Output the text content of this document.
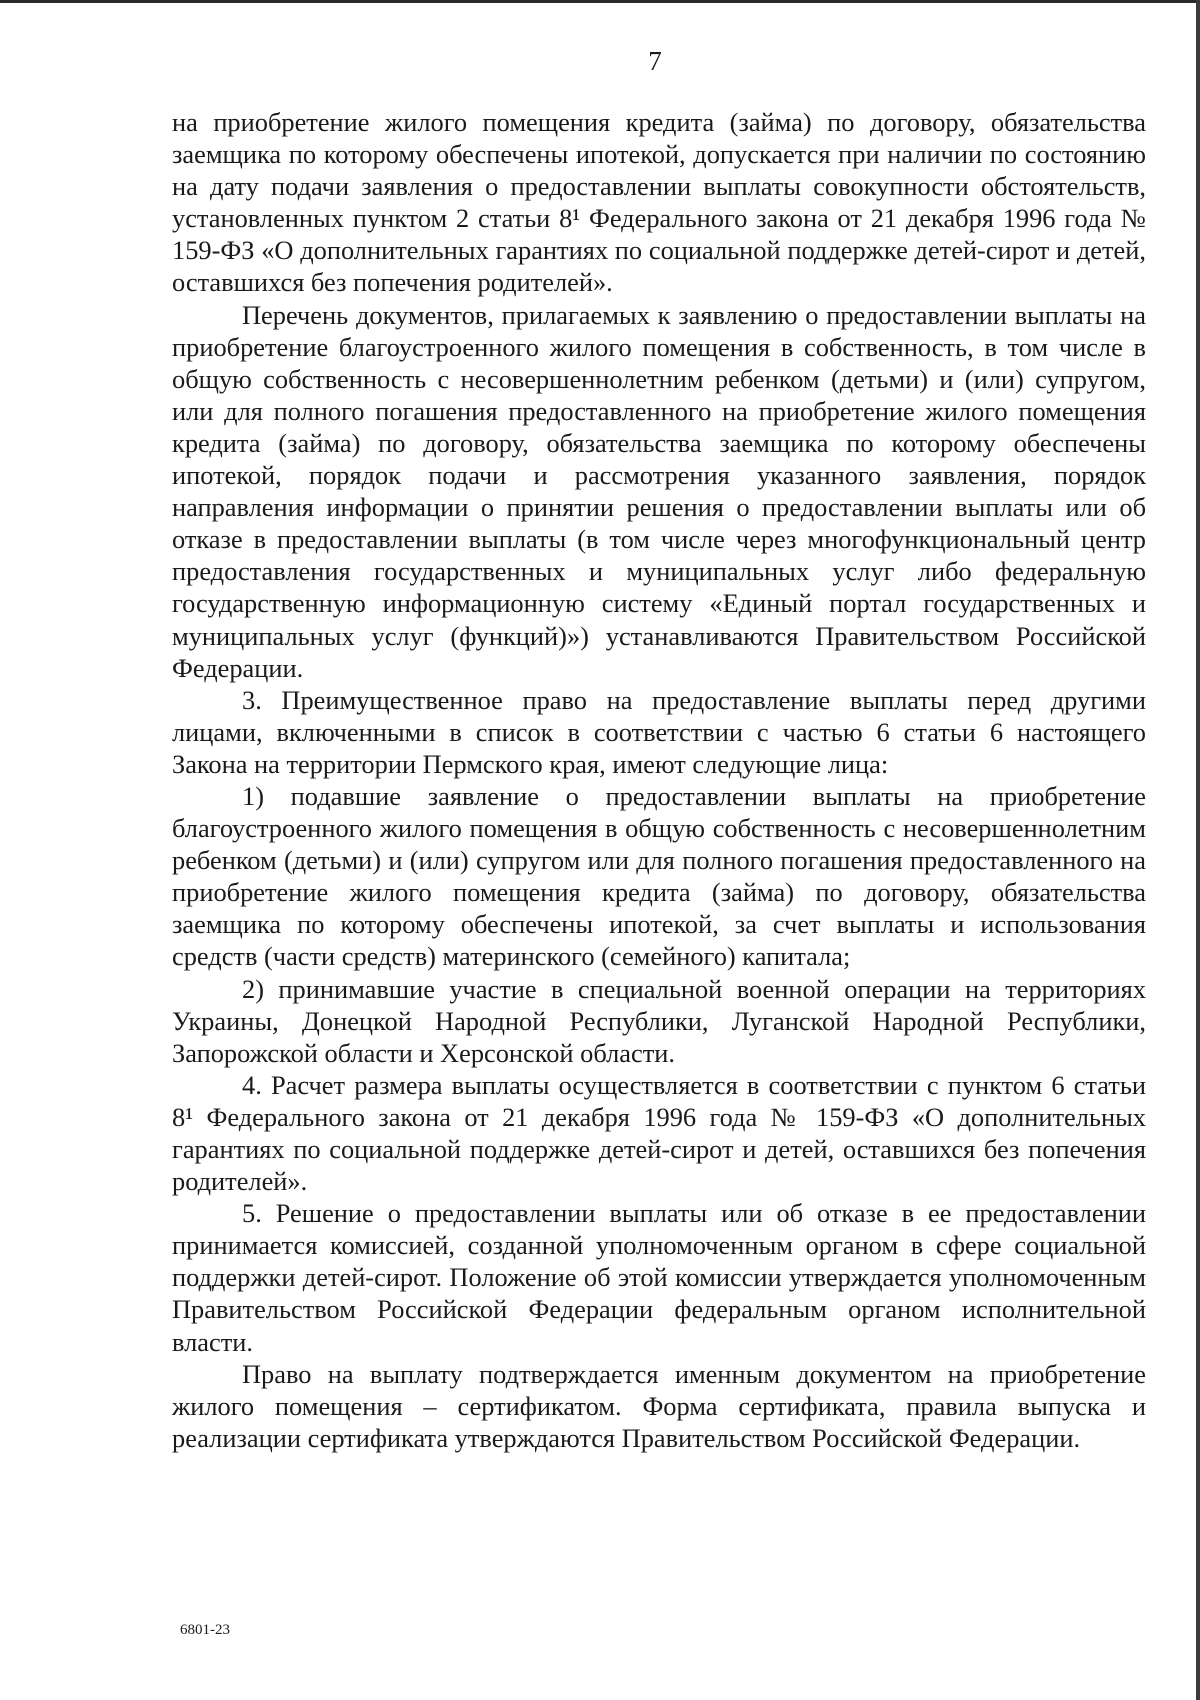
7

на приобретение жилого помещения кредита (займа) по договору, обязательства заемщика по которому обеспечены ипотекой, допускается при наличии по состоянию на дату подачи заявления о предоставлении выплаты совокупности обстоятельств, установленных пунктом 2 статьи 8¹ Федерального закона от 21 декабря 1996 года № 159-ФЗ «О дополнительных гарантиях по социальной поддержке детей-сирот и детей, оставшихся без попечения родителей».

Перечень документов, прилагаемых к заявлению о предоставлении выплаты на приобретение благоустроенного жилого помещения в собственность, в том числе в общую собственность с несовершеннолетним ребенком (детьми) и (или) супругом, или для полного погашения предоставленного на приобретение жилого помещения кредита (займа) по договору, обязательства заемщика по которому обеспечены ипотекой, порядок подачи и рассмотрения указанного заявления, порядок направления информации о принятии решения о предоставлении выплаты или об отказе в предоставлении выплаты (в том числе через многофункциональный центр предоставления государственных и муниципальных услуг либо федеральную государственную информационную систему «Единый портал государственных и муниципальных услуг (функций)») устанавливаются Правительством Российской Федерации.

3. Преимущественное право на предоставление выплаты перед другими лицами, включенными в список в соответствии с частью 6 статьи 6 настоящего Закона на территории Пермского края, имеют следующие лица:

1) подавшие заявление о предоставлении выплаты на приобретение благоустроенного жилого помещения в общую собственность с несовершеннолетним ребенком (детьми) и (или) супругом или для полного погашения предоставленного на приобретение жилого помещения кредита (займа) по договору, обязательства заемщика по которому обеспечены ипотекой, за счет выплаты и использования средств (части средств) материнского (семейного) капитала;

2) принимавшие участие в специальной военной операции на территориях Украины, Донецкой Народной Республики, Луганской Народной Республики, Запорожской области и Херсонской области.

4. Расчет размера выплаты осуществляется в соответствии с пунктом 6 статьи 8¹ Федерального закона от 21 декабря 1996 года № 159-ФЗ «О дополнительных гарантиях по социальной поддержке детей-сирот и детей, оставшихся без попечения родителей».

5. Решение о предоставлении выплаты или об отказе в ее предоставлении принимается комиссией, созданной уполномоченным органом в сфере социальной поддержки детей-сирот. Положение об этой комиссии утверждается уполномоченным Правительством Российской Федерации федеральным органом исполнительной власти.

Право на выплату подтверждается именным документом на приобретение жилого помещения – сертификатом. Форма сертификата, правила выпуска и реализации сертификата утверждаются Правительством Российской Федерации.

6801-23
